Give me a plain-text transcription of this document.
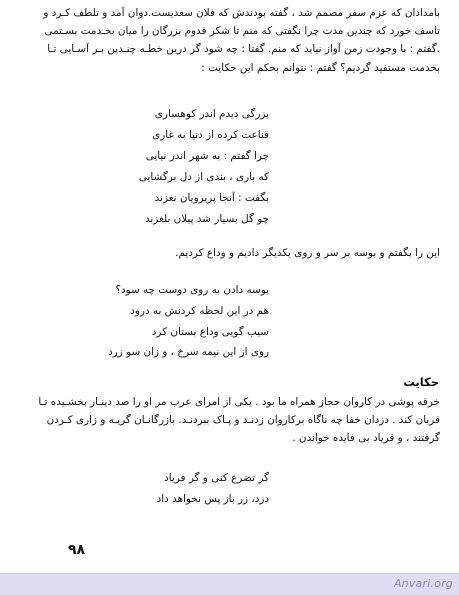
بامدادان که عزم سفر مصمم شد ، گفته بودندش که فلان سعدیست.دوان آمد و تلطف کـرد و
تاسف خورد که چندین مدت چرا نگفتی که منم تا شکر قدوم بزرگان را میان بخـدمت بسـتمی
.گفتم : با وجودت زمن آواز نیاید که منم. گفتا : چه شود گر درین خطـه چنـدین بـر آسـایی تـا
بخدمت مستفید گردیم؟ گفتم : نتوانم بحکم این حکایت :
بزرگی دیدم اندر کوهساری
قناعت کرده از دنیا به غاری
چرا گفتم : به شهر اندر نیایی
که باری ، بندی از دل برگشایی
بگفت : آنجا پریرویان نغزند
چو گل بسیار شد پیلان بلغزند
این را بگفتم و بوسه بر سر و روی یکدیگر دادیم و وداع کردیم.
بوسه دادن به روی دوست چه سود؟
هم در این لحظه کردنش به درود
سیب گویی وداع بستان کرد
روی از این نیمه سرخ ، و زان سو زرد
حکایت
خرقه پوشی در کاروان حجاز همراه ما بود . یکی از امرای عرب مر او را صد دینـار بخشـیده تـا
قربان کند . دزدان خفا چه ناگاه برکاروان زدنـد و پـاک ببردنـد. بازرگانـان گریـه و زاری کـردن
گرفتند ، و فریاد بی فایده خواندن .
گر تضرع کنی و گر فریاد
دزد، زر باز پس نخواهد داد
۹۸
Anvari.org
